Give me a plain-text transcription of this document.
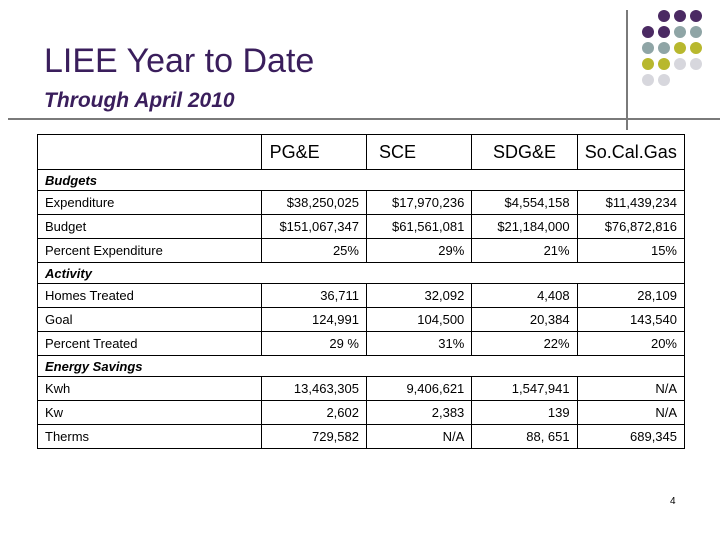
LIEE Year to Date
Through April 2010
	PG&E	SCE	SDG&E	So.Cal.Gas
Budgets				
Expenditure	$38,250,025	$17,970,236	$4,554,158	$11,439,234
Budget	$151,067,347	$61,561,081	$21,184,000	$76,872,816
Percent Expenditure	25%	29%	21%	15%
Activity				
Homes Treated	36,711	32,092	4,408	28,109
Goal	124,991	104,500	20,384	143,540
Percent Treated	29 %	31%	22%	20%
Energy Savings				
Kwh	13,463,305	9,406,621	1,547,941	N/A
Kw	2,602	2,383	139	N/A
Therms	729,582	N/A	88, 651	689,345
4
